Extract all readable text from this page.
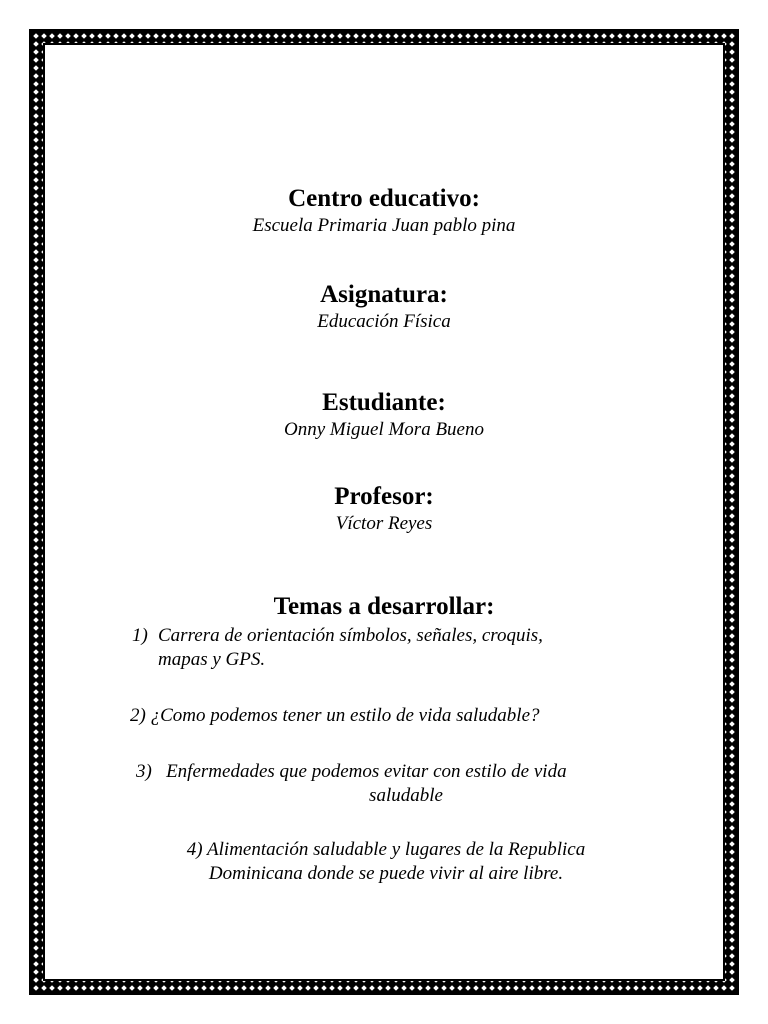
Centro educativo:

Escuela Primaria Juan pablo pina

Asignatura:

Educación Física

Estudiante:

Onny Miguel Mora Bueno

Profesor:

Víctor Reyes

Temas a desarrollar:

1) Carrera de orientación símbolos, señales, croquis,
mapas y GPS.
2) ¿Como podemos tener un estilo de vida saludable?
3) Enfermedades que podemos evitar con estilo de vida
saludable
4) Alimentación saludable y lugares de la Republica
Dominicana donde se puede vivir al aire libre.
